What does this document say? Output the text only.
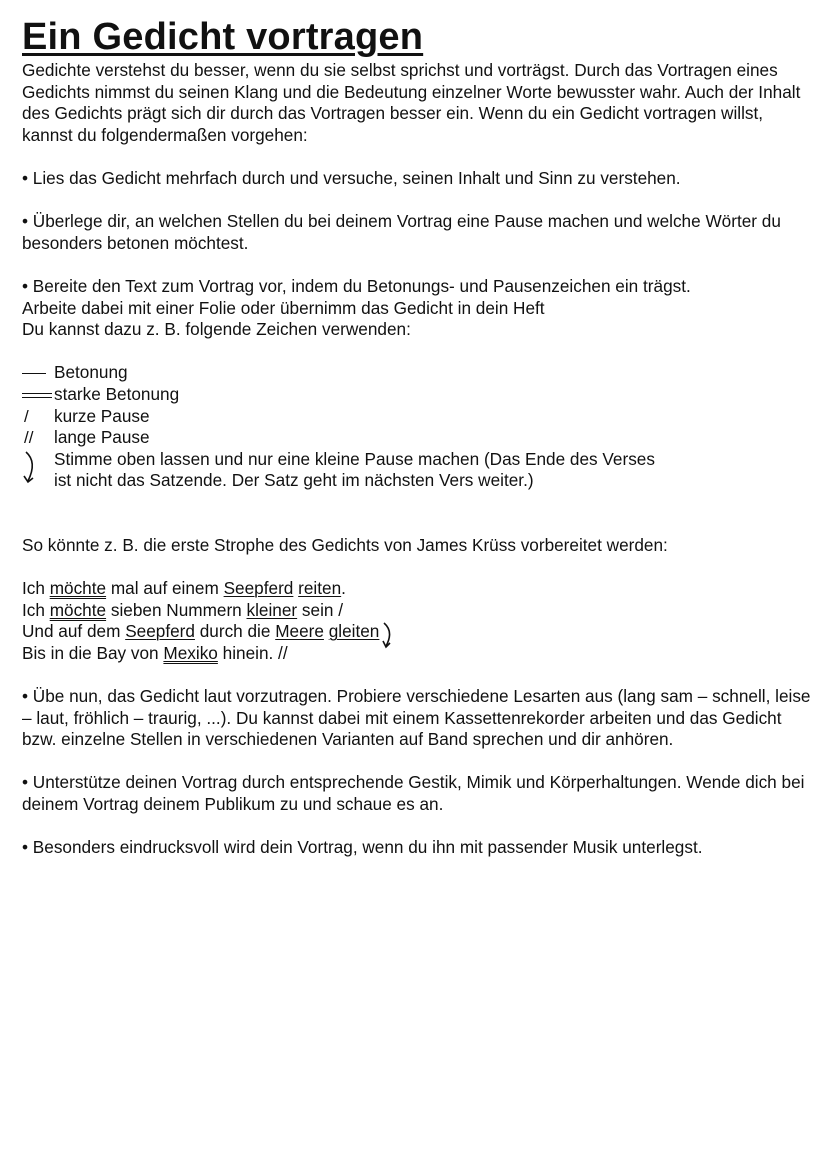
Ein Gedicht vortragen

Gedichte verstehst du besser, wenn du sie selbst sprichst und vorträgst. Durch das Vortragen eines Gedichts nimmst du seinen Klang und die Bedeutung einzelner Worte bewusster wahr. Auch der Inhalt des Gedichts prägt sich dir durch das Vortragen besser ein. Wenn du ein Gedicht vortragen willst, kannst du folgendermaßen vorgehen:

• Lies das Gedicht mehrfach durch und versuche, seinen Inhalt und Sinn zu verstehen.

• Überlege dir, an welchen Stellen du bei deinem Vortrag eine Pause machen und welche Wörter du besonders betonen möchtest.

• Bereite den Text zum Vortrag vor, indem du Betonungs- und Pausenzeichen ein trägst.

Arbeite dabei mit einer Folie oder übernimm das Gedicht in dein Heft

Du kannst dazu z. B. folgende Zeichen verwenden:

Betonung
starke Betonung
/ kurze Pause
// lange Pause
Stimme oben lassen und nur eine kleine Pause machen (Das Ende des Verses
ist nicht das Satzende. Der Satz geht im nächsten Vers weiter.)

So könnte z. B. die erste Strophe des Gedichts von James Krüss vorbereitet werden:

Ich möchte mal auf einem Seepferd reiten.

Ich möchte sieben Nummern kleiner sein /

Und auf dem Seepferd durch die Meere gleiten

Bis in die Bay von Mexiko hinein. //

• Übe nun, das Gedicht laut vorzutragen. Probiere verschiedene Lesarten aus (lang sam – schnell, leise – laut, fröhlich – traurig, ...). Du kannst dabei mit einem Kassettenrekorder arbeiten und das Gedicht bzw. einzelne Stellen in verschiedenen Varianten auf Band sprechen und dir anhören.

• Unterstütze deinen Vortrag durch entsprechende Gestik, Mimik und Körperhaltungen. Wende dich bei deinem Vortrag deinem Publikum zu und schaue es an.

• Besonders eindrucksvoll wird dein Vortrag, wenn du ihn mit passender Musik unterlegst.
